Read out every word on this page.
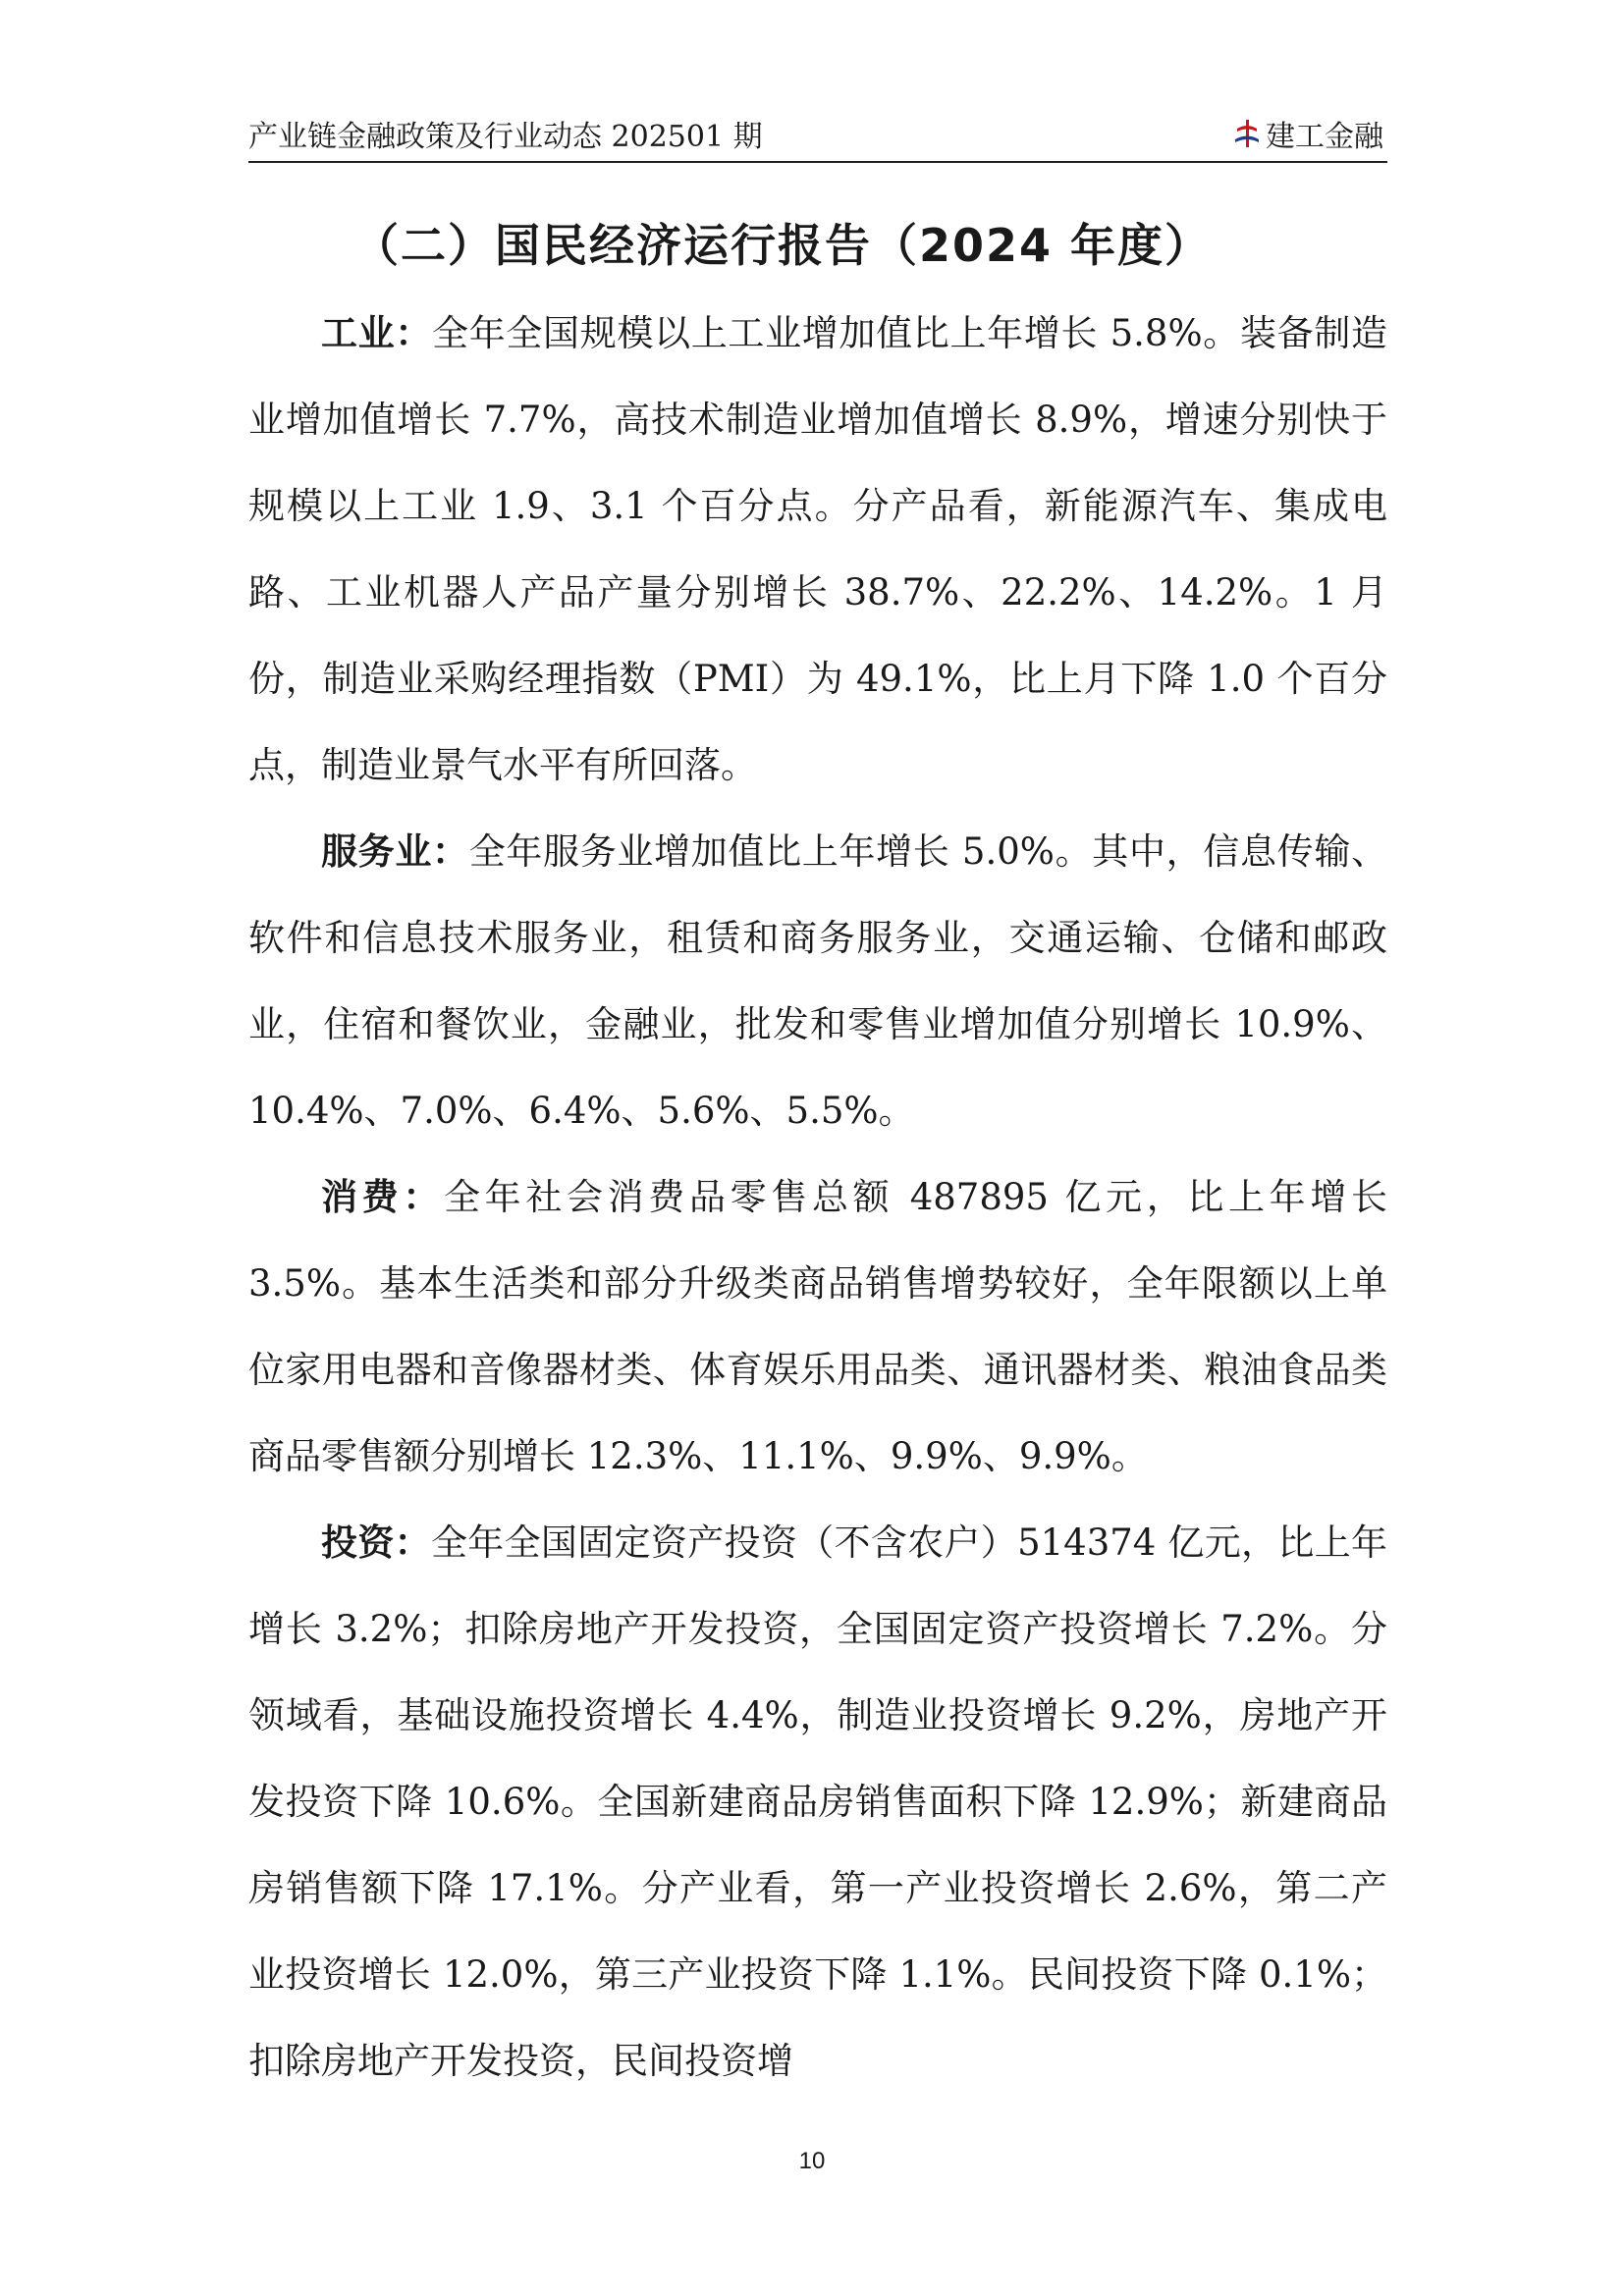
产业链金融政策及行业动态 202501 期	建工金融
（二）国民经济运行报告（2024 年度）

工业：全年全国规模以上工业增加值比上年增长 5.8%。装备制造业增加值增长 7.7%，高技术制造业增加值增长 8.9%，增速分别快于规模以上工业 1.9、3.1 个百分点。分产品看，新能源汽车、集成电路、工业机器人产品产量分别增长 38.7%、22.2%、14.2%。1 月份，制造业采购经理指数（PMI）为 49.1%，比上月下降 1.0 个百分点，制造业景气水平有所回落。

服务业：全年服务业增加值比上年增长 5.0%。其中，信息传输、软件和信息技术服务业，租赁和商务服务业，交通运输、仓储和邮政业，住宿和餐饮业，金融业，批发和零售业增加值分别增长 10.9%、10.4%、7.0%、6.4%、5.6%、5.5%。

消费：全年社会消费品零售总额 487895 亿元，比上年增长 3.5%。基本生活类和部分升级类商品销售增势较好，全年限额以上单位家用电器和音像器材类、体育娱乐用品类、通讯器材类、粮油食品类商品零售额分别增长 12.3%、11.1%、9.9%、9.9%。

投资：全年全国固定资产投资（不含农户）514374 亿元，比上年增长 3.2%；扣除房地产开发投资，全国固定资产投资增长 7.2%。分领域看，基础设施投资增长 4.4%，制造业投资增长 9.2%，房地产开发投资下降 10.6%。全国新建商品房销售面积下降 12.9%；新建商品房销售额下降 17.1%。分产业看，第一产业投资增长 2.6%，第二产业投资增长 12.0%，第三产业投资下降 1.1%。民间投资下降 0.1%；扣除房地产开发投资，民间投资增

10
